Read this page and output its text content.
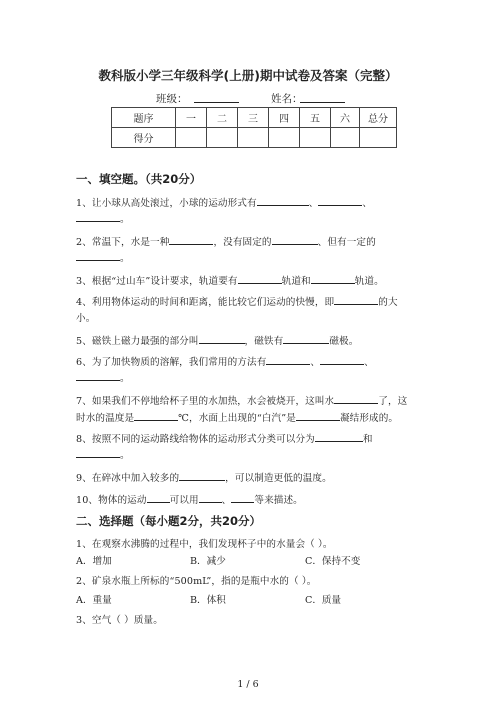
教科版小学三年级科学(上册)期中试卷及答案（完整）
班级：	姓名：
题序	一	二	三	四	五	六	总分
得分							
一、填空题。（共20分）
1、让小球从高处滚过，小球的运动形式有	、	、
。
2、常温下，水是一种	，没有固定的	、但有一定的
。
3、根据“过山车”设计要求，轨道要有	轨道和	轨道。
4、利用物体运动的时间和距离，能比较它们运动的快慢，即	的大
小。
5、磁铁上磁力最强的部分叫	，磁铁有	磁极。
6、为了加快物质的溶解，我们常用的方法有	、	、
。
7、如果我们不停地给杯子里的水加热，水会被烧开，这叫水	了，这
时水的温度是	℃，水面上出现的“白汽”是	凝结形成的。
8、按照不同的运动路线给物体的运动形式分类可以分为	和
。
9、在碎冰中加入较多的	，可以制造更低的温度。
10、物体的运动 可以用 、 等来描述。
二、选择题（每小题2分，共20分）
1、在观察水沸腾的过程中，我们发现杯子中的水量会（ ）。
A．增加	B．减少	C．保持不变
2、矿泉水瓶上所标的“500mL”，指的是瓶中水的（ ）。
A．重量	B．体积	C．质量
3、空气（ ）质量。
1 / 6
